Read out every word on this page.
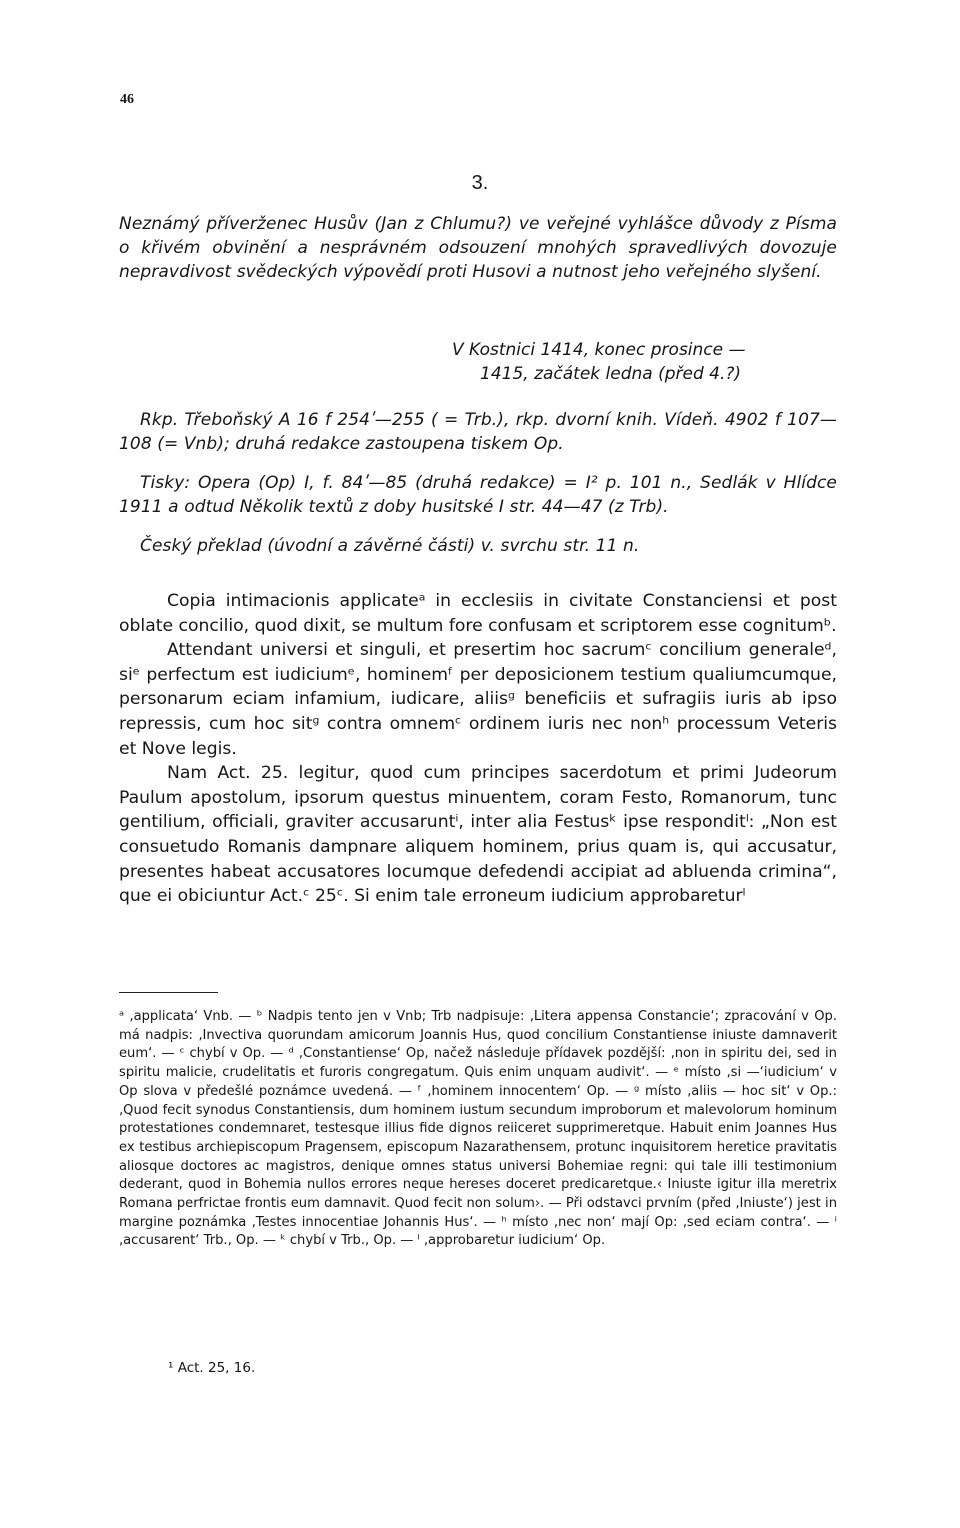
46
3.
Neznámý příverženec Husův (Jan z Chlumu?) ve veřejné vyhlášce důvody z Písma o křivém obvinění a nesprávném odsouzení mnohých spravedlivých dovozuje nepravdivost svědeckých výpovědí proti Husovi a nutnost jeho veřejného slyšení.
V Kostnici 1414, konec prosince —
1415, začátek ledna (před 4.?)
Rkp. Třeboňský A 16 f 254ʹ—255 ( = Trb.), rkp. dvorní knih. Vídeň. 4902 f 107—108 (= Vnb); druhá redakce zastoupena tiskem Op.
Tisky: Opera (Op) I, f. 84ʹ—85 (druhá redakce) = I² p. 101 n., Sedlák v Hlídce 1911 a odtud Několik textů z doby husitské I str. 44—47 (z Trb).
Český překlad (úvodní a závěrné části) v. svrchu str. 11 n.

Copia intimacionis applicateᵃ in ecclesiis in civitate Constanciensi et post oblate concilio, quod dixit, se multum fore confusam et scriptorem esse cognitumᵇ.

Attendant universi et singuli, et presertim hoc sacrumᶜ concilium generaleᵈ, siᵉ perfectum est iudiciumᵉ, hominemᶠ per deposicionem testium qualiumcumque, personarum eciam infamium, iudicare, aliisᵍ beneficiis et sufragiis iuris ab ipso repressis, cum hoc sitᵍ contra omnemᶜ ordinem iuris nec nonʰ processum Veteris et Nove legis.

Nam Act. 25. legitur, quod cum principes sacerdotum et primi Judeorum Paulum apostolum, ipsorum questus minuentem, coram Festo, Romanorum, tunc gentilium, officiali, graviter accusaruntⁱ, inter alia Festusᵏ ipse responditˡ: „Non est consuetudo Romanis dampnare aliquem hominem, prius quam is, qui accusatur, presentes habeat accusatores locumque defedendi accipiat ad abluenda crimina“, que ei obiciuntur Act.ᶜ 25ᶜ. Si enim tale erroneum iudicium approbareturˡ

ᵃ ‚applicata‘ Vnb. — ᵇ Nadpis tento jen v Vnb; Trb nadpisuje: ‚Litera appensa Constancie‘; zpracování v Op. má nadpis: ‚Invectiva quorundam amicorum Joannis Hus, quod concilium Constantiense iniuste damnaverit eum‘. — ᶜ chybí v Op. — ᵈ ‚Constantiense‘ Op, načež následuje přídavek pozdější: ‚non in spiritu dei, sed in spiritu malicie, crudelitatis et furoris congregatum. Quis enim unquam audivit‘. — ᵉ místo ‚si —‘iudicium‘ v Op slova v předešlé poznámce uvedená. — ᶠ ‚hominem innocentem‘ Op. — ᵍ místo ‚aliis — hoc sit‘ v Op.: ‚Quod fecit synodus Constantiensis, dum hominem iustum secundum improborum et malevolorum hominum protestationes condemnaret, testesque illius fide dignos reiiceret supprimeretque. Habuit enim Joannes Hus ex testibus archiepiscopum Pragensem, episcopum Nazarathensem, protunc inquisitorem heretice pravitatis aliosque doctores ac magistros, denique omnes status universi Bohemiae regni: qui tale illi testimonium dederant, quod in Bohemia nullos errores neque hereses doceret predicaretque.‹ Iniuste igitur illa meretrix Romana perfrictae frontis eum damnavit. Quod fecit non solum›. — Při odstavci prvním (před ‚Iniuste‘) jest in margine poznámka ‚Testes innocentiae Johannis Hus‘. — ʰ místo ‚nec non‘ mají Op: ‚sed eciam contra‘. — ⁱ ‚accusarent‘ Trb., Op. — ᵏ chybí v Trb., Op. — ˡ ‚approbaretur iudicium‘ Op.
¹ Act. 25, 16.
